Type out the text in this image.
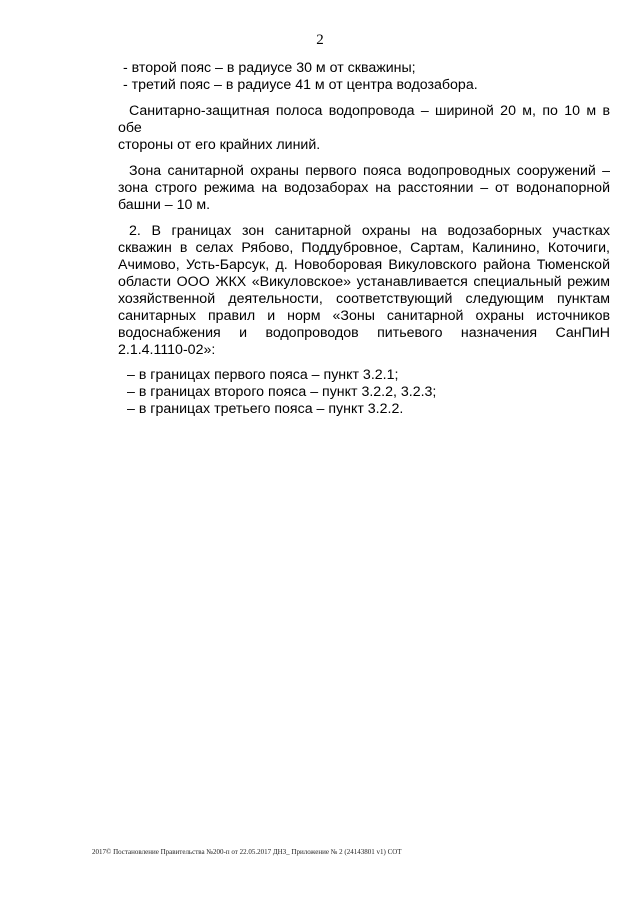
2

- второй пояс – в радиусе 30 м от скважины;

- третий пояс – в радиусе 41 м от центра водозабора.

Санитарно-защитная полоса водопровода – шириной 20 м, по 10 м в обе

стороны от его крайних линий.

Зона санитарной охраны первого пояса водопроводных сооружений –

зона строго режима на водозаборах на расстоянии – от водонапорной

башни – 10 м.

2. В границах зон санитарной охраны на водозаборных участках

скважин в селах Рябово, Поддубровное, Сартам, Калинино, Коточиги,

Ачимово, Усть-Барсук, д. Новоборовая Викуловского района Тюменской

области ООО ЖКХ «Викуловское» устанавливается специальный режим

хозяйственной деятельности, соответствующий следующим пунктам

санитарных правил и норм «Зоны санитарной охраны источников

водоснабжения и водопроводов питьевого назначения СанПиН

2.1.4.1110-02»:

– в границах первого пояса – пункт 3.2.1;

– в границах второго пояса – пункт 3.2.2, 3.2.3;

– в границах третьего пояса – пункт 3.2.2.

2017© Постановление Правительства №200-п от 22.05.2017 ДНЗ_ Приложение № 2 (24143801 v1) СОТ
